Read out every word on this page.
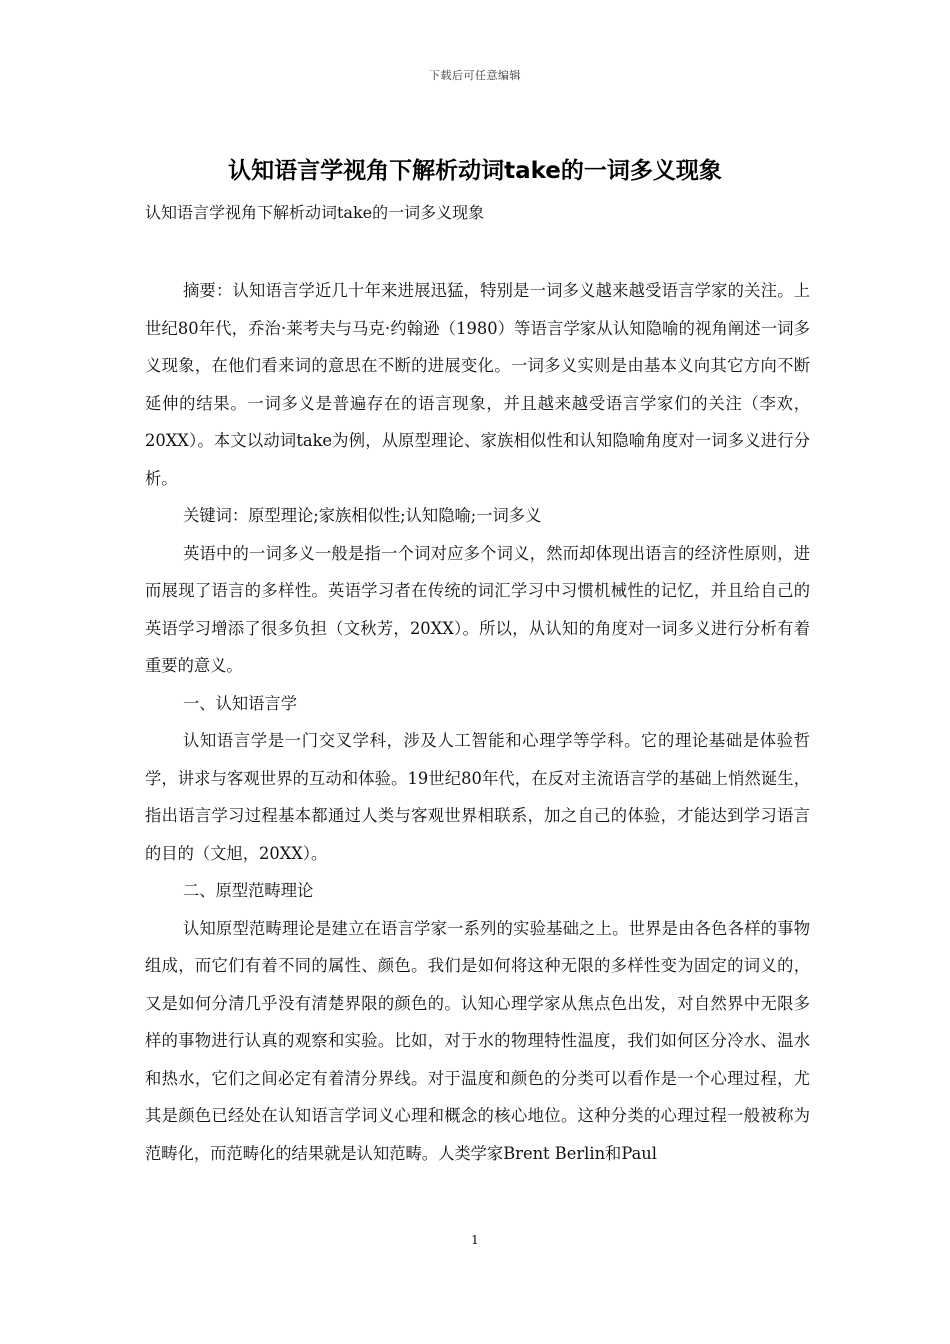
下载后可任意编辑
认知语言学视角下解析动词take的一词多义现象
认知语言学视角下解析动词take的一词多义现象

摘要：认知语言学近几十年来进展迅猛，特别是一词多义越来越受语言学家的关注。上世纪80年代，乔治·莱考夫与马克·约翰逊（1980）等语言学家从认知隐喻的视角阐述一词多义现象，在他们看来词的意思在不断的进展变化。一词多义实则是由基本义向其它方向不断延伸的结果。一词多义是普遍存在的语言现象，并且越来越受语言学家们的关注（李欢，20XX）。本文以动词take为例，从原型理论、家族相似性和认知隐喻角度对一词多义进行分析。

关键词：原型理论;家族相似性;认知隐喻;一词多义

英语中的一词多义一般是指一个词对应多个词义，然而却体现出语言的经济性原则，进而展现了语言的多样性。英语学习者在传统的词汇学习中习惯机械性的记忆，并且给自己的英语学习增添了很多负担（文秋芳，20XX）。所以，从认知的角度对一词多义进行分析有着重要的意义。

一、认知语言学

认知语言学是一门交叉学科，涉及人工智能和心理学等学科。它的理论基础是体验哲学，讲求与客观世界的互动和体验。19世纪80年代，在反对主流语言学的基础上悄然诞生，指出语言学习过程基本都通过人类与客观世界相联系，加之自己的体验，才能达到学习语言的目的（文旭，20XX）。

二、原型范畴理论

认知原型范畴理论是建立在语言学家一系列的实验基础之上。世界是由各色各样的事物组成，而它们有着不同的属性、颜色。我们是如何将这种无限的多样性变为固定的词义的，又是如何分清几乎没有清楚界限的颜色的。认知心理学家从焦点色出发，对自然界中无限多样的事物进行认真的观察和实验。比如，对于水的物理特性温度，我们如何区分冷水、温水和热水，它们之间必定有着清分界线。对于温度和颜色的分类可以看作是一个心理过程，尤其是颜色已经处在认知语言学词义心理和概念的核心地位。这种分类的心理过程一般被称为范畴化，而范畴化的结果就是认知范畴。人类学家Brent Berlin和Paul

1
